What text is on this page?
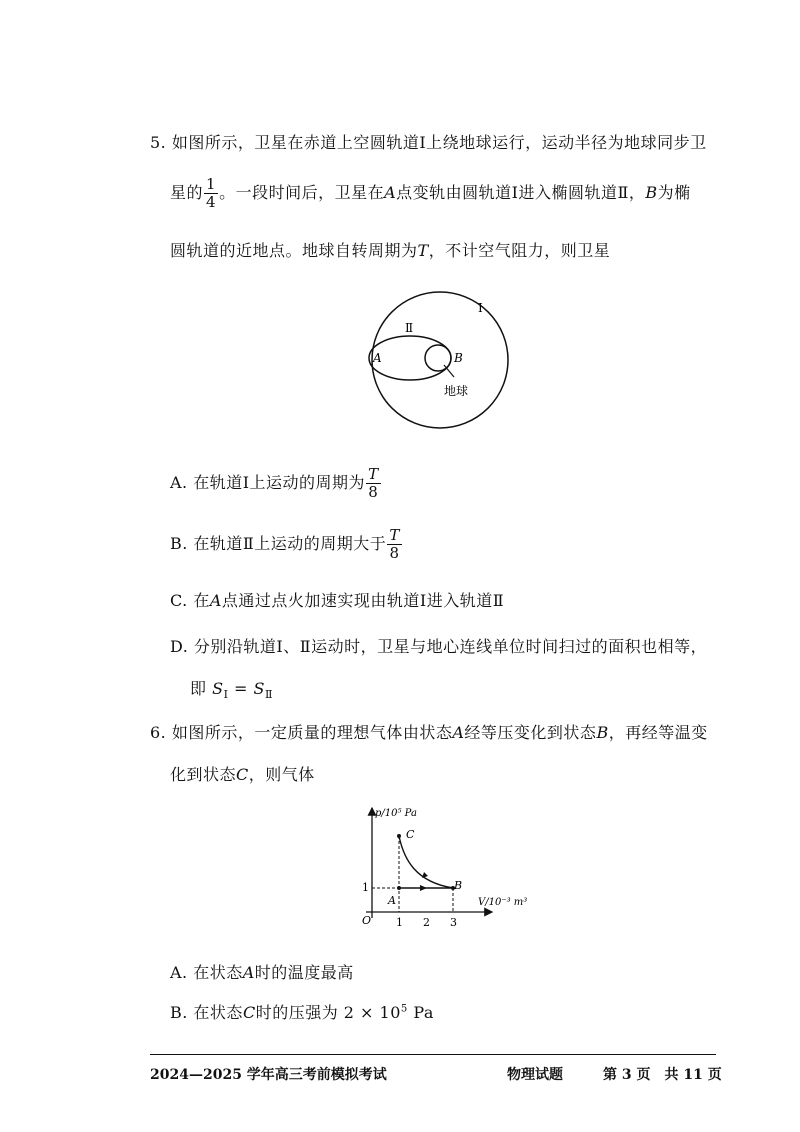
5. 如图所示，卫星在赤道上空圆轨道Ⅰ上绕地球运行，运动半径为地球同步卫
星的 $\frac{1}{4}$ 。一段时间后，卫星在A点变轨由圆轨道Ⅰ进入椭圆轨道Ⅱ，B为椭
圆轨道的近地点。地球自转周期为T，不计空气阻力，则卫星
Ⅰ
Ⅱ
A	B
地球
A. 在轨道Ⅰ上运动的周期为 $\frac{T}{8}$
B. 在轨道Ⅱ上运动的周期大于 $\frac{T}{8}$
C. 在A点通过点火加速实现由轨道Ⅰ进入轨道Ⅱ
D. 分别沿轨道Ⅰ、Ⅱ运动时，卫星与地心连线单位时间扫过的面积也相等，
即 $S_Ⅰ = S_Ⅱ$
6. 如图所示，一定质量的理想气体由状态A经等压变化到状态B，再经等温变
化到状态C，则气体
p/10⁵ Pa
V/10⁻³ m³
O
1
1 2 3
C
A
B
A. 在状态A时的温度最高
B. 在状态C时的压强为 $2 \times 10^5$ Pa
2024—2025 学年高三考前模拟考试	物理试题	第 3 页　共 11 页
